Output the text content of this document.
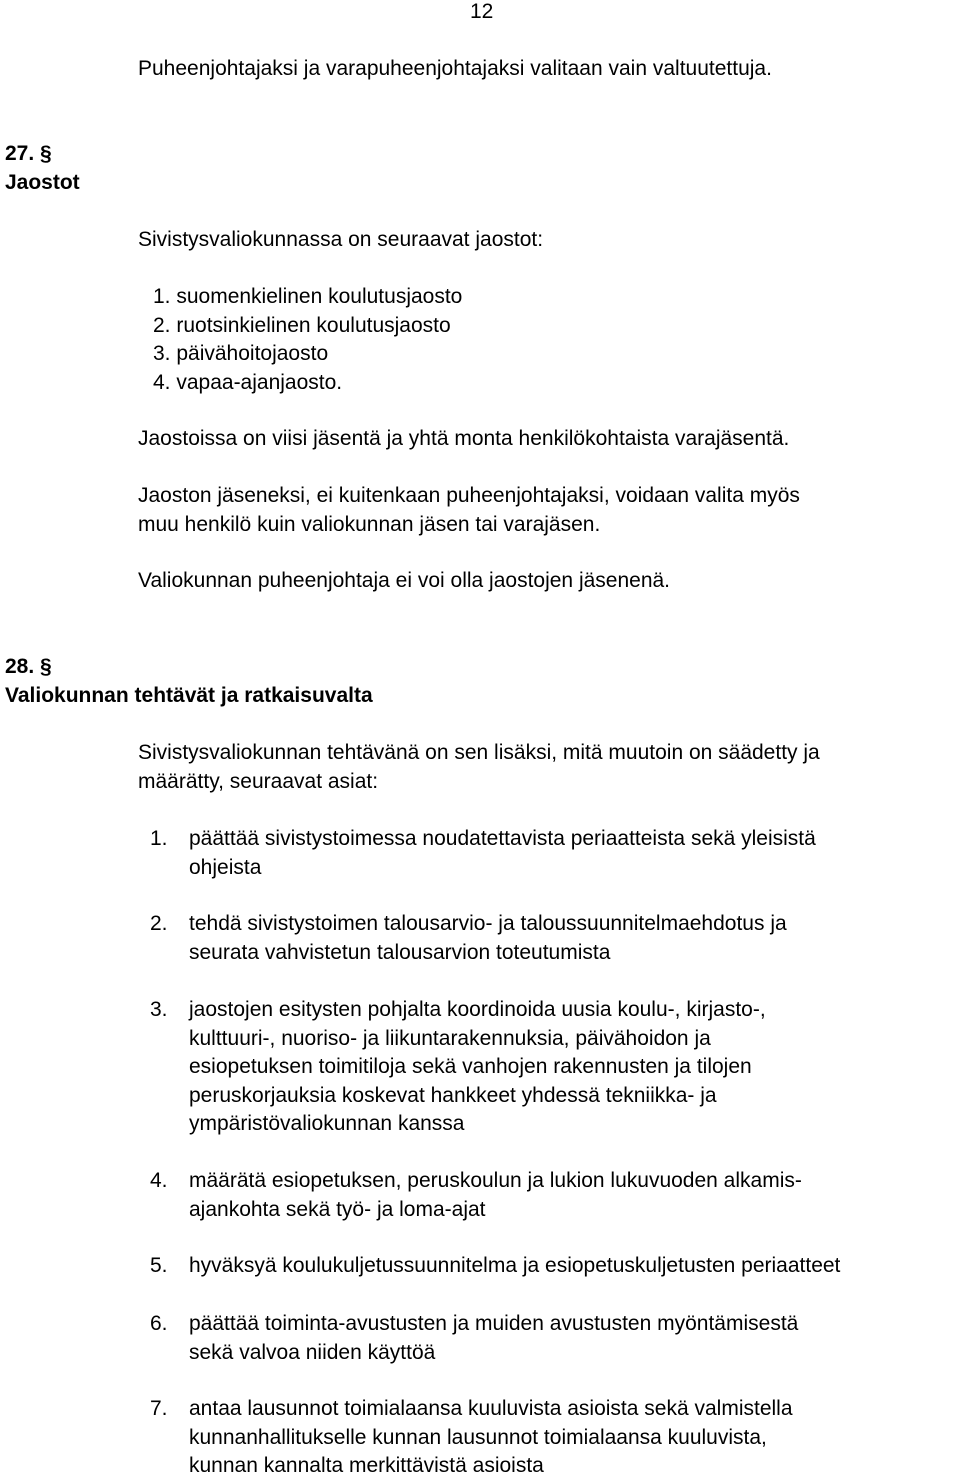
12
Puheenjohtajaksi ja varapuheenjohtajaksi valitaan vain valtuutettuja.
27. §
Jaostot
Sivistysvaliokunnassa on seuraavat jaostot:
1. suomenkielinen koulutusjaosto
2. ruotsinkielinen koulutusjaosto
3. päivähoitojaosto
4. vapaa-ajanjaosto.
Jaostoissa on viisi jäsentä ja yhtä monta henkilökohtaista varajäsentä.
Jaoston jäseneksi, ei kuitenkaan puheenjohtajaksi, voidaan valita myös
muu henkilö kuin valiokunnan jäsen tai varajäsen.
Valiokunnan puheenjohtaja ei voi olla jaostojen jäsenenä.
28. §
Valiokunnan tehtävät ja ratkaisuvalta
Sivistysvaliokunnan tehtävänä on sen lisäksi, mitä muutoin on säädetty ja
määrätty, seuraavat asiat:
1.	päättää sivistystoimessa noudatettavista periaatteista sekä yleisistä
ohjeista
2.	tehdä sivistystoimen talousarvio- ja taloussuunnitelmaehdotus ja
seurata vahvistetun talousarvion toteutumista
3.	jaostojen esitysten pohjalta koordinoida uusia koulu-, kirjasto-,
kulttuuri-, nuoriso- ja liikuntarakennuksia, päivähoidon ja
esiopetuksen toimitiloja sekä vanhojen rakennusten ja tilojen
peruskorjauksia koskevat hankkeet yhdessä tekniikka- ja
ympäristövaliokunnan kanssa
4.	määrätä esiopetuksen, peruskoulun ja lukion lukuvuoden alkamis-
ajankohta sekä työ- ja loma-ajat
5.	hyväksyä koulukuljetussuunnitelma ja esiopetuskuljetusten periaatteet
6.	päättää toiminta-avustusten ja muiden avustusten myöntämisestä
sekä valvoa niiden käyttöä
7.	antaa lausunnot toimialaansa kuuluvista asioista sekä valmistella
kunnanhallitukselle kunnan lausunnot toimialaansa kuuluvista,
kunnan kannalta merkittävistä asioista
